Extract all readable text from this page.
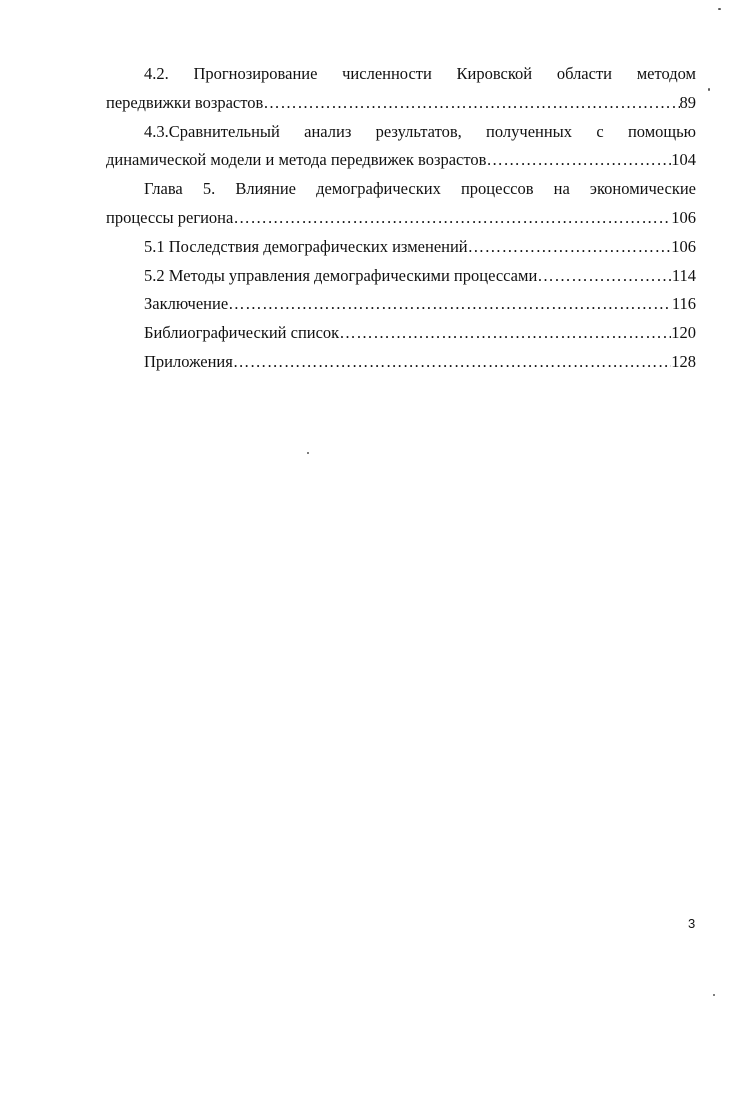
4.2. Прогнозирование численности Кировской области методом
передвижки возрастов ……………………………………………………………………………………………………………………………………………………………………………………………………	89
4.3.Сравнительный анализ результатов, полученных с помощью
динамической модели и метода передвижек возрастов ……………………………………………………………………………………………………………………………………………………………………………………………………	104
Глава 5. Влияние демографических процессов на экономические
процессы региона ……………………………………………………………………………………………………………………………………………………………………………………………………	106
5.1 Последствия демографических изменений ……………………………………………………………………………………………………………………………………………………………………………………………………	106
5.2 Методы управления демографическими процессами ……………………………………………………………………………………………………………………………………………………………………………………………………	114
Заключение ……………………………………………………………………………………………………………………………………………………………………………………………………	116
Библиографический список ……………………………………………………………………………………………………………………………………………………………………………………………………	120
Приложения ……………………………………………………………………………………………………………………………………………………………………………………………………	128
3
